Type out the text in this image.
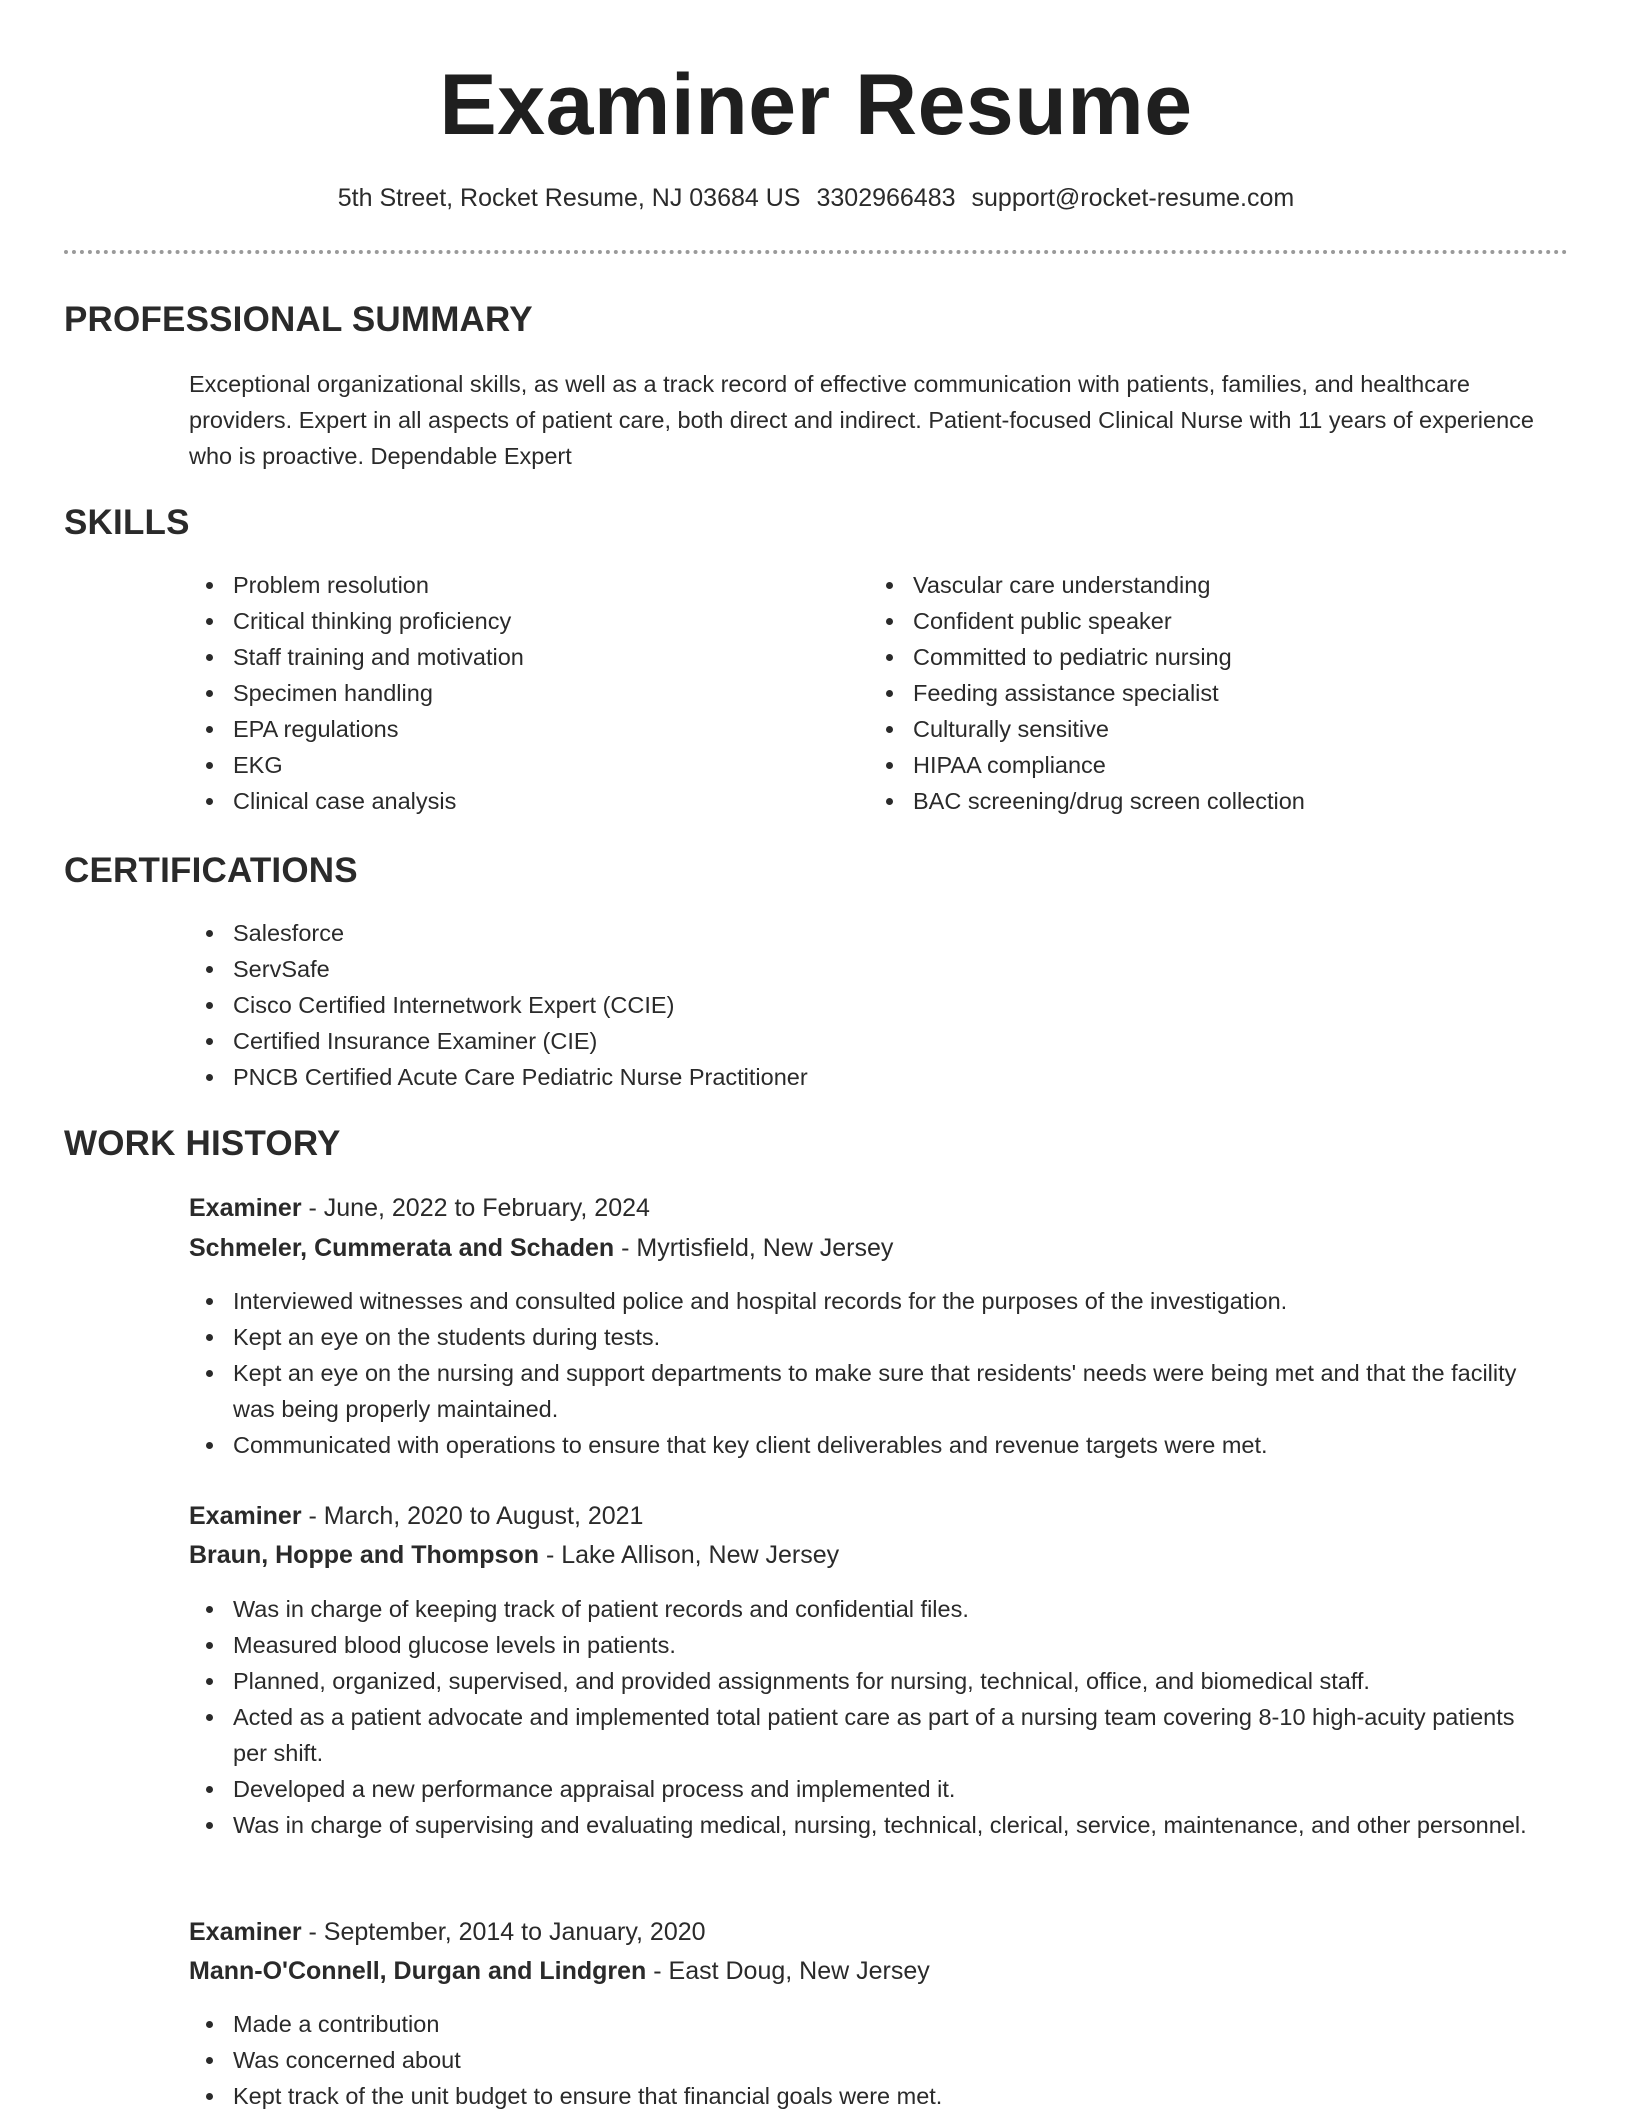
Examiner Resume
5th Street, Rocket Resume, NJ 03684 US 3302966483 support@rocket-resume.com
PROFESSIONAL SUMMARY

Exceptional organizational skills, as well as a track record of effective communication with patients, families, and healthcare providers. Expert in all aspects of patient care, both direct and indirect. Patient-focused Clinical Nurse with 11 years of experience who is proactive. Dependable Expert

SKILLS
Problem resolution
Critical thinking proficiency
Staff training and motivation
Specimen handling
EPA regulations
EKG
Clinical case analysis
Vascular care understanding
Confident public speaker
Committed to pediatric nursing
Feeding assistance specialist
Culturally sensitive
HIPAA compliance
BAC screening/drug screen collection
CERTIFICATIONS
Salesforce
ServSafe
Cisco Certified Internetwork Expert (CCIE)
Certified Insurance Examiner (CIE)
PNCB Certified Acute Care Pediatric Nurse Practitioner
WORK HISTORY
Examiner - June, 2022 to February, 2024
Schmeler, Cummerata and Schaden - Myrtisfield, New Jersey
Interviewed witnesses and consulted police and hospital records for the purposes of the investigation.
Kept an eye on the students during tests.
Kept an eye on the nursing and support departments to make sure that residents' needs were being met and that the facility was being properly maintained.
Communicated with operations to ensure that key client deliverables and revenue targets were met.
Examiner - March, 2020 to August, 2021
Braun, Hoppe and Thompson - Lake Allison, New Jersey
Was in charge of keeping track of patient records and confidential files.
Measured blood glucose levels in patients.
Planned, organized, supervised, and provided assignments for nursing, technical, office, and biomedical staff.
Acted as a patient advocate and implemented total patient care as part of a nursing team covering 8-10 high-acuity patients per shift.
Developed a new performance appraisal process and implemented it.
Was in charge of supervising and evaluating medical, nursing, technical, clerical, service, maintenance, and other personnel.
Examiner - September, 2014 to January, 2020
Mann-O'Connell, Durgan and Lindgren - East Doug, New Jersey
Made a contribution
Was concerned about
Kept track of the unit budget to ensure that financial goals were met.
